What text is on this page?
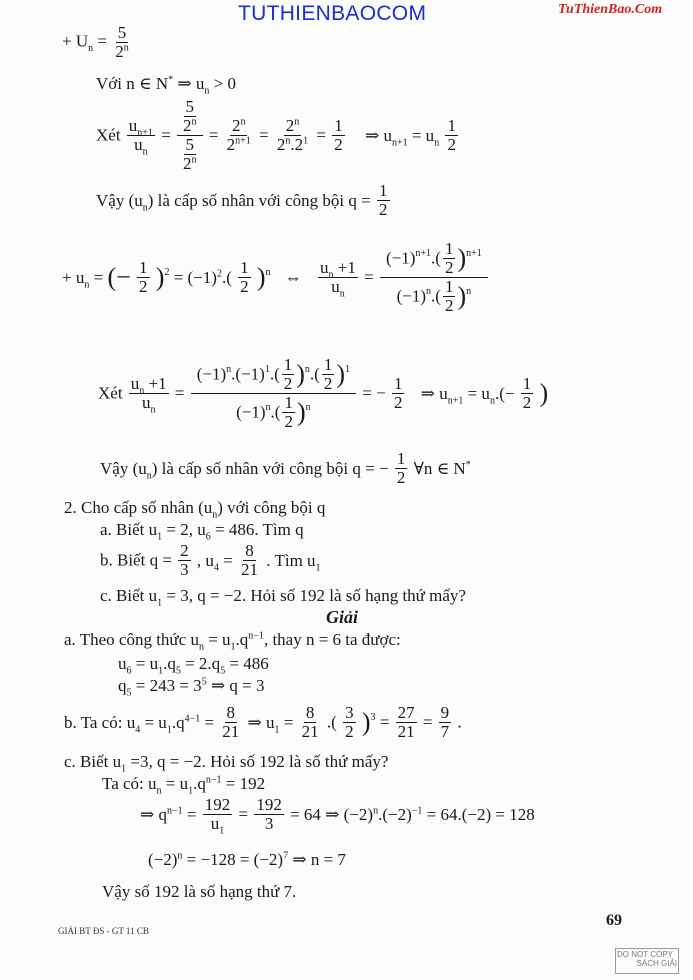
TUTHIENBAOCOM	TuThienBao.Com
+ $U_n = \frac{5}{2^n}$
Với n ∈ N* ⇒ $u_n > 0$
Xét $\frac{u_{n+1}}{u_n} = \frac{\frac{5}{2^n}}{\frac{5}{2^n}} = \frac{2^n}{2^{n+1}} = \frac{2^n}{2^n.2^1} = \frac{1}{2}$ ⇒ $u_{n+1} = u_n \frac{1}{2}$
Vậy $(u_n)$ là cấp số nhân với công bội $q = \frac{1}{2}$
+ $u_n$ = (− $\frac{1}{2} )^2 = (-1)^2.( \frac{1}{2} )^n$ ⇔ $\frac{u_n +1}{u_n} = \frac{(-1)^{n+1}.( \frac{1}{2} )^{n+1}}{(-1)^n.( \frac{1}{2} )^n}$
Xét $\frac{u_n +1}{u_n} = \frac{(-1)^n.(-1)^1.( \frac{1}{2} )^n.( \frac{1}{2} )^1}{(-1)^n.( \frac{1}{2} )^n}$ = − $\frac{1}{2}$ ⇒ $u_{n+1} = u_n.(- \frac{1}{2}$ )
Vậy $(u_n)$ là cấp số nhân với công bội q = − $\frac{1}{2}$ ∀n ∈ N*
2. Cho cấp số nhân $(u_n)$ với công bội q
a. Biết $u_1 = 2$, $u_6 = 486$. Tìm q
b. Biết $q = \frac{2}{3}$ , $u_4 = \frac{8}{21}$ . Tìm $u_1$
c. Biết $u_1 = 3$, q = −2. Hỏi số 192 là số hạng thứ mấy?
Giải
a. Theo công thức $u_n = u_1.q^{n-1}$, thay n = 6 ta được:
$u_6 = u_1.q_5 = 2.q_5 = 486$
$q_5 = 243 = 3^5$ ⇒ q = 3
b. Ta có: $u_4 = u_1.q^{4-1} = \frac{8}{21}$ ⇒ $u_1 = \frac{8}{21}$ .( $\frac{3}{2} )^3 = \frac{27}{21} = \frac{9}{7}$ .
c. Biết $u_1 =3$, q = −2. Hỏi số 192 là số thứ mấy?
Ta có: $u_n = u_1.q^{n-1} = 192$
⇒ $q^{n-1} = \frac{192}{u_1} = \frac{192}{3} = 64$ ⇒ $(-2)^n.(-2)^{-1} = 64.(-2) = 128$
$(-2)^n = -128 = (-2)^7$ ⇒ n = 7
Vậy số 192 là số hạng thứ 7.
GIẢI BT ĐS - GT 11 CB
69
DO NOT COPY
SÁCH GIẢI
